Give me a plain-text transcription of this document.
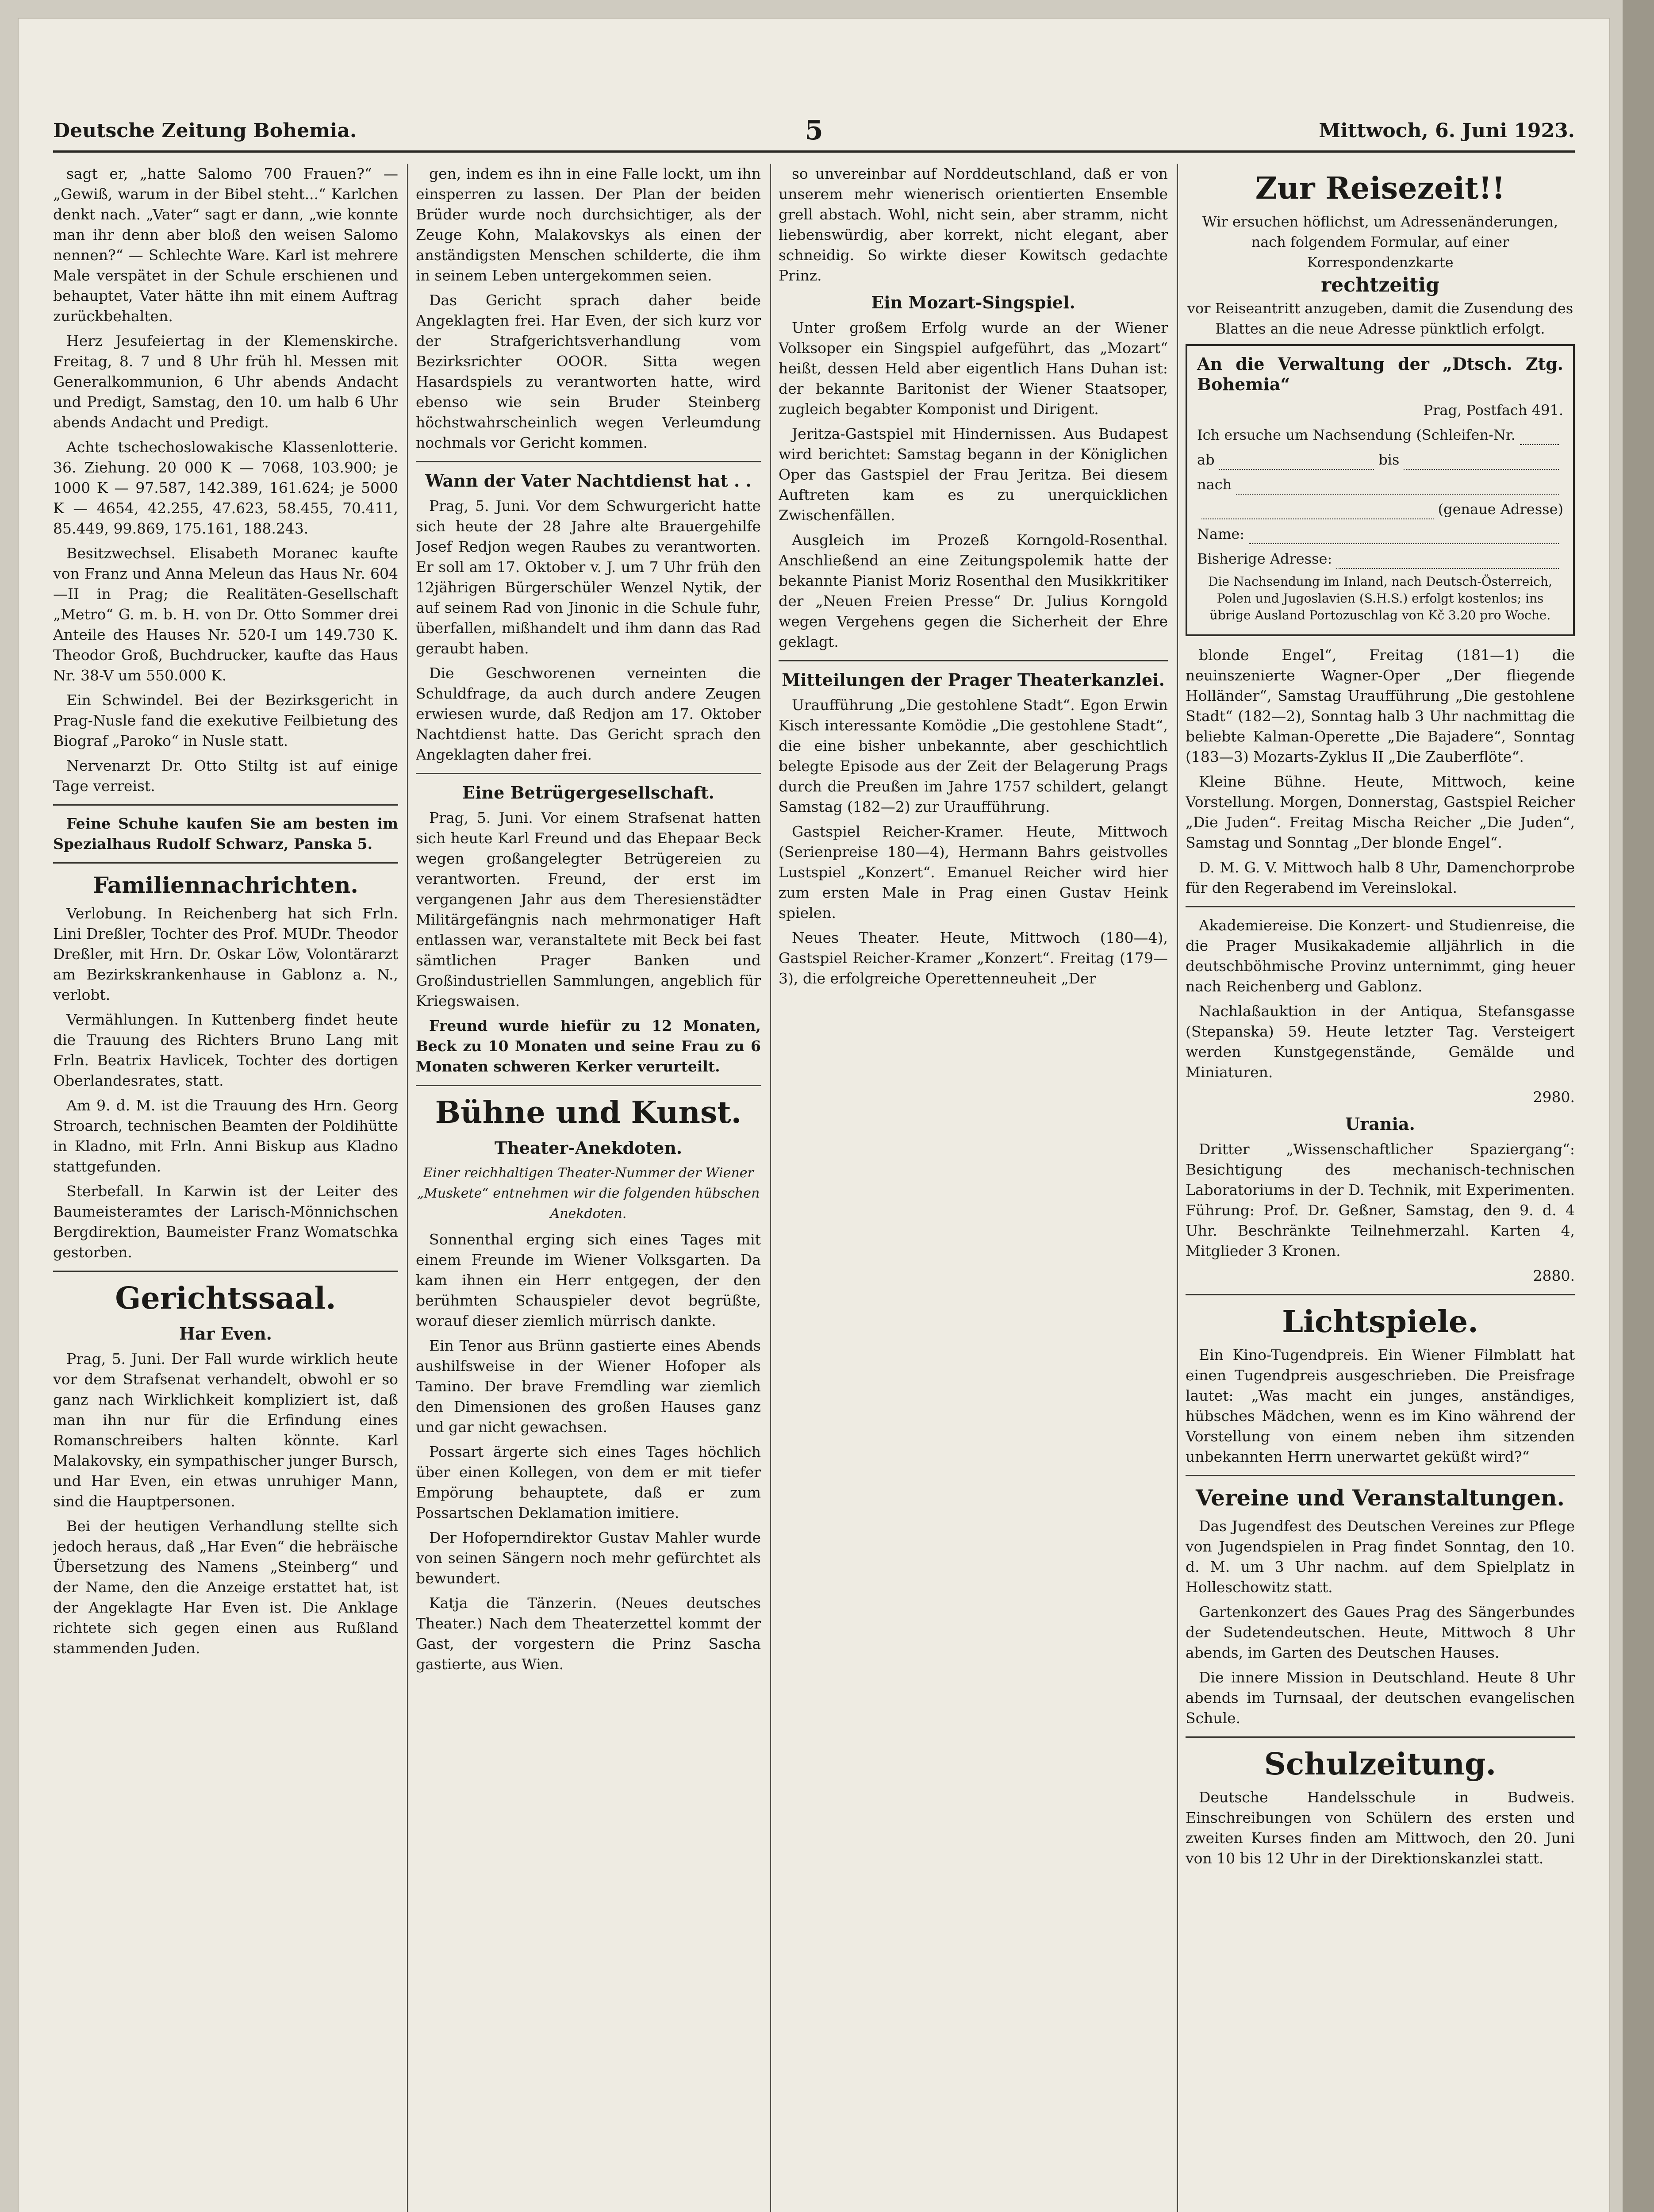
Deutsche Zeitung Bohemia.	5	Mittwoch, 6. Juni 1923.

sagt er, „hatte Salomo 700 Frauen?“ — „Gewiß, warum in der Bibel steht...“ Karlchen denkt nach. „Vater“ sagt er dann, „wie konnte man ihr denn aber bloß den weisen Salomo nennen?“ — Schlechte Ware. Karl ist mehrere Male verspätet in der Schule erschienen und behauptet, Vater hätte ihn mit einem Auftrag zurückbehalten.

Herz Jesufeiertag in der Klemenskirche. Freitag, 8. 7 und 8 Uhr früh hl. Messen mit Generalkommunion, 6 Uhr abends Andacht und Predigt, Samstag, den 10. um halb 6 Uhr abends Andacht und Predigt.

Achte tschechoslowakische Klassenlotterie. 36. Ziehung. 20 000 K — 7068, 103.900; je 1000 K — 97.587, 142.389, 161.624; je 5000 K — 4654, 42.255, 47.623, 58.455, 70.411, 85.449, 99.869, 175.161, 188.243.

Besitzwechsel. Elisabeth Moranec kaufte von Franz und Anna Meleun das Haus Nr. 604—II in Prag; die Realitäten-Gesellschaft „Metro“ G. m. b. H. von Dr. Otto Sommer drei Anteile des Hauses Nr. 520-I um 149.730 K. Theodor Groß, Buchdrucker, kaufte das Haus Nr. 38-V um 550.000 K.

Ein Schwindel. Bei der Bezirksgericht in Prag-Nusle fand die exekutive Feilbietung des Biograf „Paroko“ in Nusle statt.

Nervenarzt Dr. Otto Stiltg ist auf einige Tage verreist.

Feine Schuhe kaufen Sie am besten im Spezialhaus Rudolf Schwarz, Panska 5.

Familiennachrichten.

Verlobung. In Reichenberg hat sich Frln. Lini Dreßler, Tochter des Prof. MUDr. Theodor Dreßler, mit Hrn. Dr. Oskar Löw, Volontärarzt am Bezirkskrankenhause in Gablonz a. N., verlobt.

Vermählungen. In Kuttenberg findet heute die Trauung des Richters Bruno Lang mit Frln. Beatrix Havlicek, Tochter des dortigen Oberlandesrates, statt.

Am 9. d. M. ist die Trauung des Hrn. Georg Stroarch, technischen Beamten der Poldihütte in Kladno, mit Frln. Anni Biskup aus Kladno stattgefunden.

Sterbefall. In Karwin ist der Leiter des Baumeisteramtes der Larisch-Mönnichschen Bergdirektion, Baumeister Franz Womatschka gestorben.

Gerichtssaal.
Har Even.

Prag, 5. Juni. Der Fall wurde wirklich heute vor dem Strafsenat verhandelt, obwohl er so ganz nach Wirklichkeit kompliziert ist, daß man ihn nur für die Erfindung eines Romanschreibers halten könnte. Karl Malakovsky, ein sympathischer junger Bursch, und Har Even, ein etwas unruhiger Mann, sind die Hauptpersonen.

Bei der heutigen Verhandlung stellte sich jedoch heraus, daß „Har Even“ die hebräische Übersetzung des Namens „Steinberg“ und der Name, den die Anzeige erstattet hat, ist der Angeklagte Har Even ist. Die Anklage richtete sich gegen einen aus Rußland stammenden Juden.

gen, indem es ihn in eine Falle lockt, um ihn einsperren zu lassen. Der Plan der beiden Brüder wurde noch durchsichtiger, als der Zeuge Kohn, Malakovskys als einen der anständigsten Menschen schilderte, die ihm in seinem Leben untergekommen seien.

Das Gericht sprach daher beide Angeklagten frei. Har Even, der sich kurz vor der Strafgerichtsverhandlung vom Bezirksrichter OOOR. Sitta wegen Hasardspiels zu verantworten hatte, wird ebenso wie sein Bruder Steinberg höchstwahrscheinlich wegen Verleumdung nochmals vor Gericht kommen.

Wann der Vater Nachtdienst hat . .

Prag, 5. Juni. Vor dem Schwurgericht hatte sich heute der 28 Jahre alte Brauergehilfe Josef Redjon wegen Raubes zu verantworten. Er soll am 17. Oktober v. J. um 7 Uhr früh den 12jährigen Bürgerschüler Wenzel Nytik, der auf seinem Rad von Jinonic in die Schule fuhr, überfallen, mißhandelt und ihm dann das Rad geraubt haben.

Die Geschworenen verneinten die Schuldfrage, da auch durch andere Zeugen erwiesen wurde, daß Redjon am 17. Oktober Nachtdienst hatte. Das Gericht sprach den Angeklagten daher frei.

Eine Betrügergesellschaft.

Prag, 5. Juni. Vor einem Strafsenat hatten sich heute Karl Freund und das Ehepaar Beck wegen großangelegter Betrügereien zu verantworten. Freund, der erst im vergangenen Jahr aus dem Theresienstädter Militärgefängnis nach mehrmonatiger Haft entlassen war, veranstaltete mit Beck bei fast sämtlichen Prager Banken und Großindustriellen Sammlungen, angeblich für Kriegswaisen.

Freund wurde hiefür zu 12 Monaten, Beck zu 10 Monaten und seine Frau zu 6 Monaten schweren Kerker verurteilt.

Bühne und Kunst.
Theater-Anekdoten.
Einer reichhaltigen Theater-Nummer der Wiener „Muskete“ entnehmen wir die folgenden hübschen Anekdoten.

Sonnenthal erging sich eines Tages mit einem Freunde im Wiener Volksgarten. Da kam ihnen ein Herr entgegen, der den berühmten Schauspieler devot begrüßte, worauf dieser ziemlich mürrisch dankte.

Ein Tenor aus Brünn gastierte eines Abends aushilfsweise in der Wiener Hofoper als Tamino. Der brave Fremdling war ziemlich den Dimensionen des großen Hauses ganz und gar nicht gewachsen.

Possart ärgerte sich eines Tages höchlich über einen Kollegen, von dem er mit tiefer Empörung behauptete, daß er zum Possartschen Deklamation imitiere.

Der Hofoperndirektor Gustav Mahler wurde von seinen Sängern noch mehr gefürchtet als bewundert.

Katja die Tänzerin. (Neues deutsches Theater.) Nach dem Theaterzettel kommt der Gast, der vorgestern die Prinz Sascha gastierte, aus Wien.

so unvereinbar auf Norddeutschland, daß er von unserem mehr wienerisch orientierten Ensemble grell abstach. Wohl, nicht sein, aber stramm, nicht liebenswürdig, aber korrekt, nicht elegant, aber schneidig. So wirkte dieser Kowitsch gedachte Prinz.

Ein Mozart-Singspiel.

Unter großem Erfolg wurde an der Wiener Volksoper ein Singspiel aufgeführt, das „Mozart“ heißt, dessen Held aber eigentlich Hans Duhan ist: der bekannte Baritonist der Wiener Staatsoper, zugleich begabter Komponist und Dirigent.

Jeritza-Gastspiel mit Hindernissen. Aus Budapest wird berichtet: Samstag begann in der Königlichen Oper das Gastspiel der Frau Jeritza. Bei diesem Auftreten kam es zu unerquicklichen Zwischenfällen.

Ausgleich im Prozeß Korngold-Rosenthal. Anschließend an eine Zeitungspolemik hatte der bekannte Pianist Moriz Rosenthal den Musikkritiker der „Neuen Freien Presse“ Dr. Julius Korngold wegen Vergehens gegen die Sicherheit der Ehre geklagt.

Mitteilungen der Prager Theaterkanzlei.

Uraufführung „Die gestohlene Stadt“. Egon Erwin Kisch interessante Komödie „Die gestohlene Stadt“, die eine bisher unbekannte, aber geschichtlich belegte Episode aus der Zeit der Belagerung Prags durch die Preußen im Jahre 1757 schildert, gelangt Samstag (182—2) zur Uraufführung.

Gastspiel Reicher-Kramer. Heute, Mittwoch (Serienpreise 180—4), Hermann Bahrs geistvolles Lustspiel „Konzert“. Emanuel Reicher wird hier zum ersten Male in Prag einen Gustav Heink spielen.

Neues Theater. Heute, Mittwoch (180—4), Gastspiel Reicher-Kramer „Konzert“. Freitag (179—3), die erfolgreiche Operettenneuheit „Der

Zur Reisezeit!!
Wir ersuchen höflichst, um Adressenänderungen, nach folgendem Formular, auf einer Korrespondenzkarte
rechtzeitig
vor Reiseantritt anzugeben, damit die Zusendung des Blattes an die neue Adresse pünktlich erfolgt.
An die Verwaltung der „Dtsch. Ztg. Bohemia“
Prag, Postfach 491.
Ich ersuche um Nachsendung (Schleifen-Nr.
ab	bis
nach
(genaue Adresse)
Name:
Bisherige Adresse:
Die Nachsendung im Inland, nach Deutsch-Österreich, Polen und Jugoslavien (S.H.S.) erfolgt kostenlos; ins übrige Ausland Portozuschlag von Kč 3.20 pro Woche.

blonde Engel“, Freitag (181—1) die neuinszenierte Wagner-Oper „Der fliegende Holländer“, Samstag Uraufführung „Die gestohlene Stadt“ (182—2), Sonntag halb 3 Uhr nachmittag die beliebte Kalman-Operette „Die Bajadere“, Sonntag (183—3) Mozarts-Zyklus II „Die Zauberflöte“.

Kleine Bühne. Heute, Mittwoch, keine Vorstellung. Morgen, Donnerstag, Gastspiel Reicher „Die Juden“. Freitag Mischa Reicher „Die Juden“, Samstag und Sonntag „Der blonde Engel“.

D. M. G. V. Mittwoch halb 8 Uhr, Damenchorprobe für den Regerabend im Vereinslokal.

Akademiereise. Die Konzert- und Studienreise, die die Prager Musikakademie alljährlich in die deutschböhmische Provinz unternimmt, ging heuer nach Reichenberg und Gablonz.

Nachlaßauktion in der Antiqua, Stefansgasse (Stepanska) 59. Heute letzter Tag. Versteigert werden Kunstgegenstände, Gemälde und Miniaturen.

2980.
Urania.

Dritter „Wissenschaftlicher Spaziergang“: Besichtigung des mechanisch-technischen Laboratoriums in der D. Technik, mit Experimenten. Führung: Prof. Dr. Geßner, Samstag, den 9. d. 4 Uhr. Beschränkte Teilnehmerzahl. Karten 4, Mitglieder 3 Kronen.

2880.
Lichtspiele.

Ein Kino-Tugendpreis. Ein Wiener Filmblatt hat einen Tugendpreis ausgeschrieben. Die Preisfrage lautet: „Was macht ein junges, anständiges, hübsches Mädchen, wenn es im Kino während der Vorstellung von einem neben ihm sitzenden unbekannten Herrn unerwartet geküßt wird?“

Vereine und Veranstaltungen.

Das Jugendfest des Deutschen Vereines zur Pflege von Jugendspielen in Prag findet Sonntag, den 10. d. M. um 3 Uhr nachm. auf dem Spielplatz in Holleschowitz statt.

Gartenkonzert des Gaues Prag des Sängerbundes der Sudetendeutschen. Heute, Mittwoch 8 Uhr abends, im Garten des Deutschen Hauses.

Die innere Mission in Deutschland. Heute 8 Uhr abends im Turnsaal, der deutschen evangelischen Schule.

Schulzeitung.

Deutsche Handelsschule in Budweis. Einschreibungen von Schülern des ersten und zweiten Kurses finden am Mittwoch, den 20. Juni von 10 bis 12 Uhr in der Direktionskanzlei statt.
